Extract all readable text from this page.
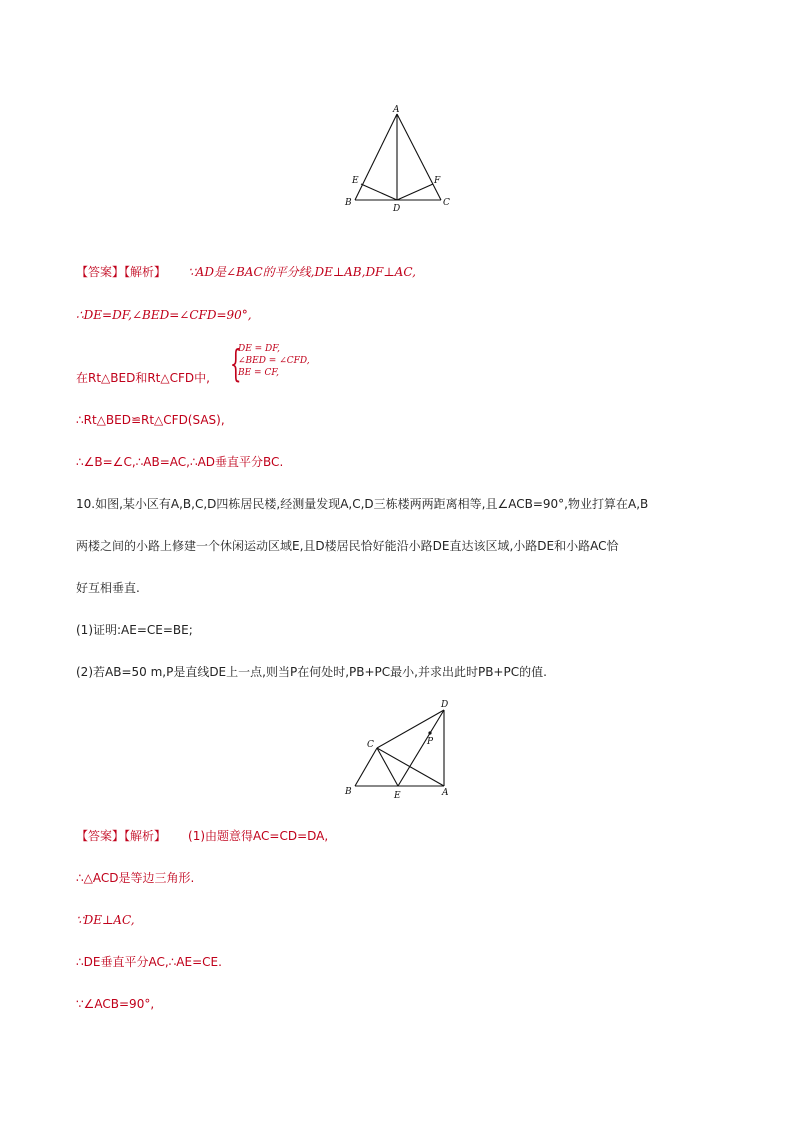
A
B	C
D
E	F
【答案】【解析】 ∵AD是∠BAC的平分线,DE⊥AB,DF⊥AC,
∴DE=DF,∠BED=∠CFD=90°,
在Rt△BED和Rt△CFD中, {
DE = DF,
∠BED = ∠CFD,
BE = CF,
∴Rt△BED≌Rt△CFD(SAS),
∴∠B=∠C,∴AB=AC,∴AD垂直平分BC.
10.如图,某小区有A,B,C,D四栋居民楼,经测量发现A,C,D三栋楼两两距离相等,且∠ACB=90°,物业打算在A,B
两楼之间的小路上修建一个休闲运动区域E,且D楼居民恰好能沿小路DE直达该区域,小路DE和小路AC恰
好互相垂直.
(1)证明:AE=CE=BE;
(2)若AB=50 m,P是直线DE上一点,则当P在何处时,PB+PC最小,并求出此时PB+PC的值.
D
C	P
B	E	A
【答案】【解析】 (1)由题意得AC=CD=DA,
∴△ACD是等边三角形.
∵DE⊥AC,
∴DE垂直平分AC,∴AE=CE.
∵∠ACB=90°,
